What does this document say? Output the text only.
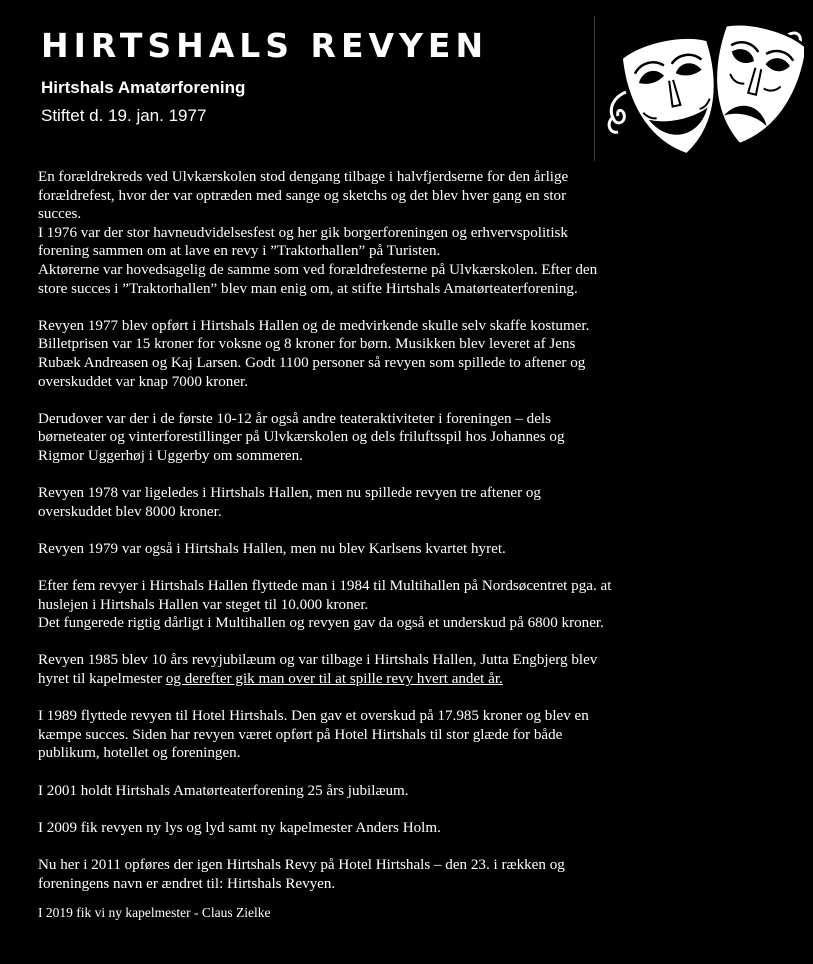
HIRTSHALS REVYEN
Hirtshals Amatørforening
Stiftet d. 19. jan. 1977

En forældrekreds ved Ulvkærskolen stod dengang tilbage i halvfjerdserne for den årlige
forældrefest, hvor der var optræden med sange og sketchs og det blev hver gang en stor
succes.
I 1976 var der stor havneudvidelsesfest og her gik borgerforeningen og erhvervspolitisk
forening sammen om at lave en revy i ”Traktorhallen” på Turisten.
Aktørerne var hovedsagelig de samme som ved forældrefesterne på Ulvkærskolen. Efter den
store succes i ”Traktorhallen” blev man enig om, at stifte Hirtshals Amatørteaterforening.

Revyen 1977 blev opført i Hirtshals Hallen og de medvirkende skulle selv skaffe kostumer.
Billetprisen var 15 kroner for voksne og 8 kroner for børn. Musikken blev leveret af Jens
Rubæk Andreasen og Kaj Larsen. Godt 1100 personer så revyen som spillede to aftener og
overskuddet var knap 7000 kroner.

Derudover var der i de første 10-12 år også andre teateraktiviteter i foreningen – dels
børneteater og vinterforestillinger på Ulvkærskolen og dels friluftsspil hos Johannes og
Rigmor Uggerhøj i Uggerby om sommeren.

Revyen 1978 var ligeledes i Hirtshals Hallen, men nu spillede revyen tre aftener og
overskuddet blev 8000 kroner.

Revyen 1979 var også i Hirtshals Hallen, men nu blev Karlsens kvartet hyret.

Efter fem revyer i Hirtshals Hallen flyttede man i 1984 til Multihallen på Nordsøcentret pga. at
huslejen i Hirtshals Hallen var steget til 10.000 kroner.
Det fungerede rigtig dårligt i Multihallen og revyen gav da også et underskud på 6800 kroner.

Revyen 1985 blev 10 års revyjubilæum og var tilbage i Hirtshals Hallen, Jutta Engbjerg blev
hyret til kapelmester og derefter gik man over til at spille revy hvert andet år.

I 1989 flyttede revyen til Hotel Hirtshals. Den gav et overskud på 17.985 kroner og blev en
kæmpe succes. Siden har revyen været opført på Hotel Hirtshals til stor glæde for både
publikum, hotellet og foreningen.

I 2001 holdt Hirtshals Amatørteaterforening 25 års jubilæum.

I 2009 fik revyen ny lys og lyd samt ny kapelmester Anders Holm.

Nu her i 2011 opføres der igen Hirtshals Revy på Hotel Hirtshals – den 23. i rækken og
foreningens navn er ændret til: Hirtshals Revyen.

I 2019 fik vi ny kapelmester - Claus Zielke
